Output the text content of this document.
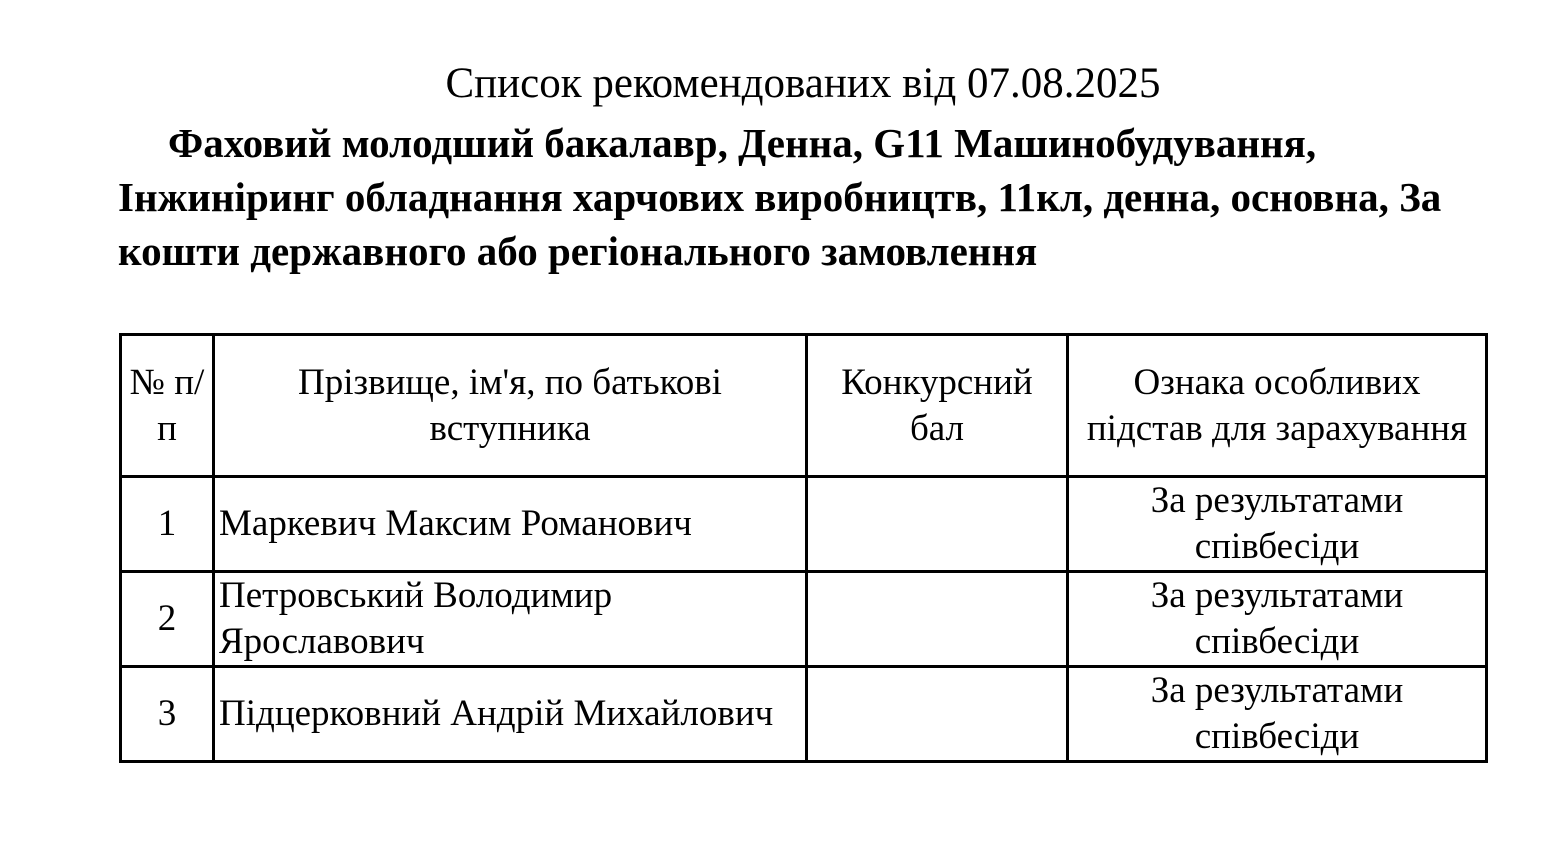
Список рекомендованих від 07.08.2025
Фаховий молодший бакалавр, Денна, G11 Машинобудування, Інжиніринг обладнання харчових виробництв, 11кл, денна, основна, За кошти державного або регіонального замовлення
№ п/п	Прізвище, ім'я, по батькові вступника	Конкурсний бал	Ознака особливих підстав для зарахування
1	Маркевич Максим Романович		За результатами співбесіди
2	Петровський Володимир Ярославович		За результатами співбесіди
3	Підцерковний Андрій Михайлович		За результатами співбесіди
